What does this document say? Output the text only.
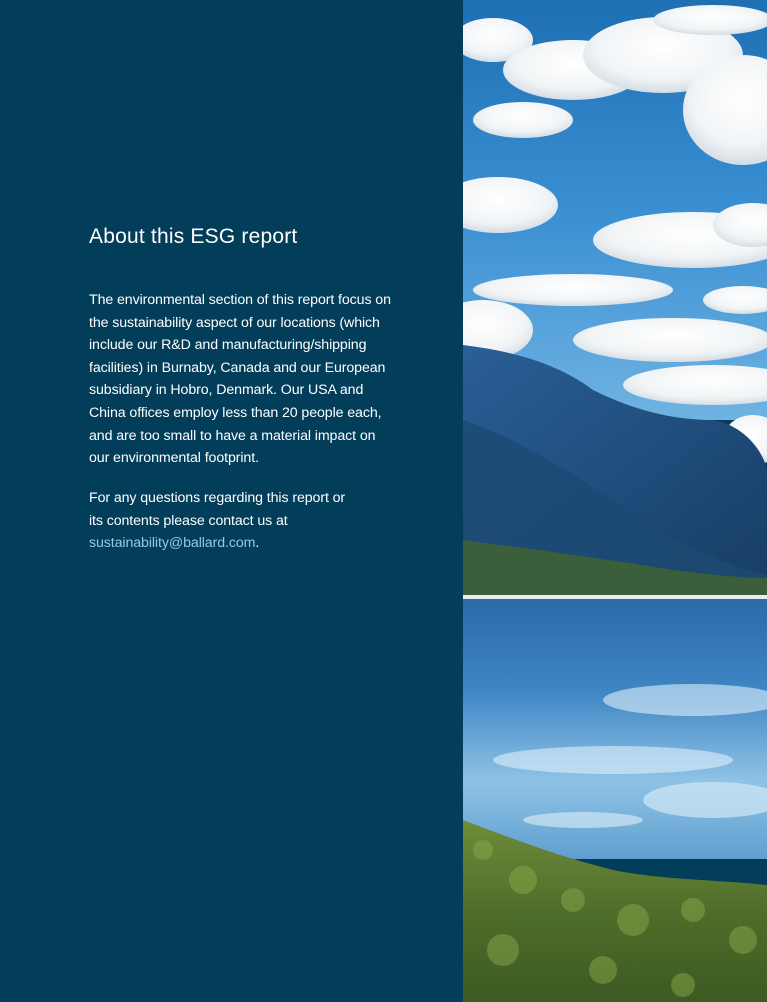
About this ESG report

The environmental section of this report focus on
the sustainability aspect of our locations (which
include our R&D and manufacturing/shipping
facilities) in Burnaby, Canada and our European
subsidiary in Hobro, Denmark. Our USA and
China offices employ less than 20 people each,
and are too small to have a material impact on
our environmental footprint.

For any questions regarding this report or
its contents please contact us at
sustainability@ballard.com.
